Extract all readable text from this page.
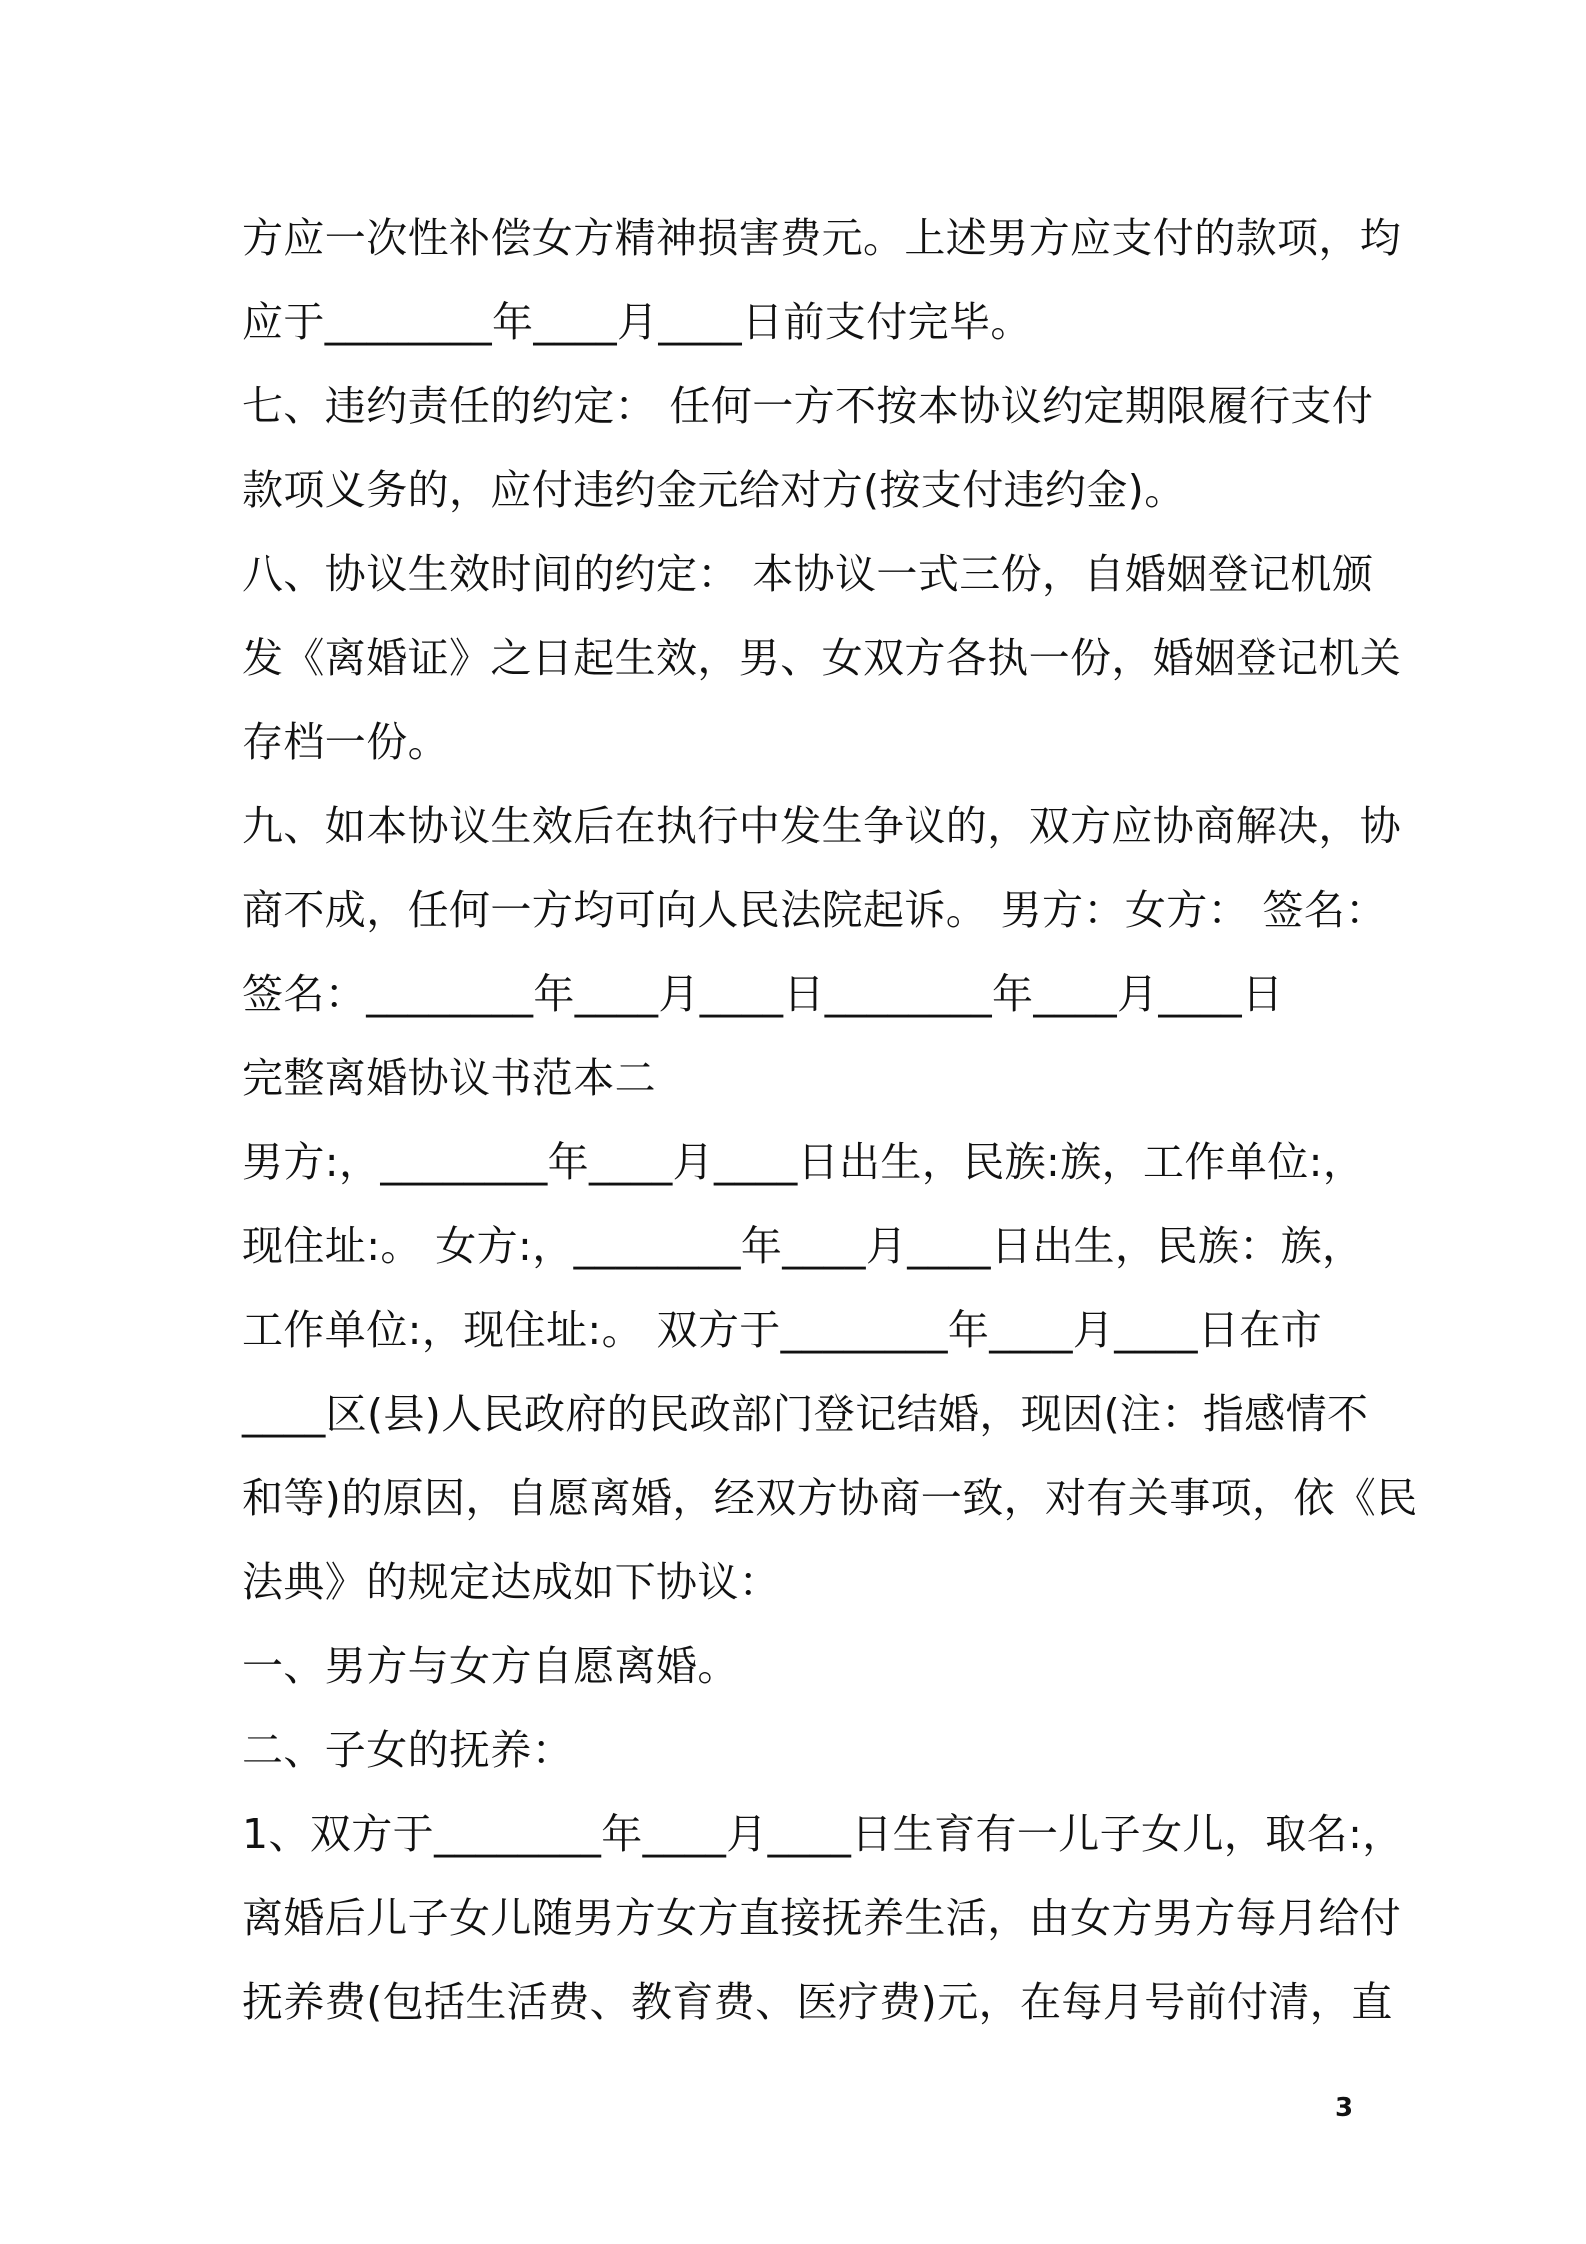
方应一次性补偿女方精神损害费元。上述男方应支付的款项，均

应于________年____月____日前支付完毕。

七、违约责任的约定： 任何一方不按本协议约定期限履行支付

款项义务的，应付违约金元给对方(按支付违约金)。

八、协议生效时间的约定： 本协议一式三份，自婚姻登记机颁

发《离婚证》之日起生效，男、女双方各执一份，婚姻登记机关

存档一份。

九、如本协议生效后在执行中发生争议的，双方应协商解决，协

商不成，任何一方均可向人民法院起诉。 男方：女方： 签名：

签名：________年____月____日________年____月____日

完整离婚协议书范本二

男方:，________年____月____日出生，民族:族，工作单位:，

现住址:。 女方:，________年____月____日出生，民族：族，

工作单位:，现住址:。 双方于________年____月____日在市

____区(县)人民政府的民政部门登记结婚，现因(注：指感情不

和等)的原因，自愿离婚，经双方协商一致，对有关事项，依《民

法典》的规定达成如下协议：

一、男方与女方自愿离婚。

二、子女的抚养：

1、双方于________年____月____日生育有一儿子女儿，取名:，

离婚后儿子女儿随男方女方直接抚养生活，由女方男方每月给付

抚养费(包括生活费、教育费、医疗费)元，在每月号前付清，直

3
